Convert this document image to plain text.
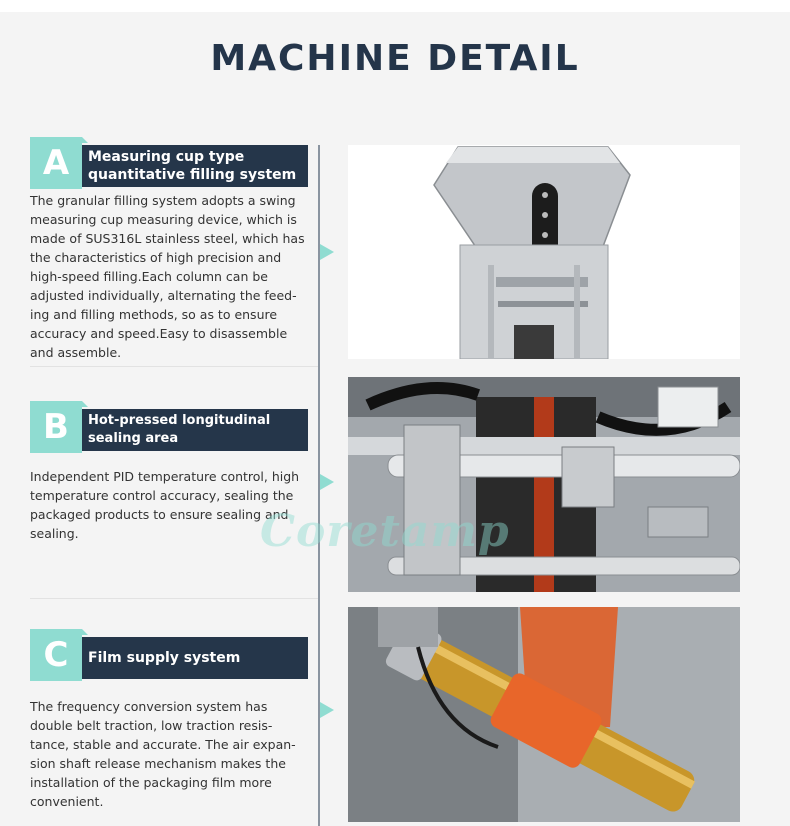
MACHINE DETAIL
A	Measuring cup type quantitative filling system
The granular filling system adopts a swing measuring cup measuring device, which is made of SUS316L stainless steel, which has the characteristics of high precision and high-speed filling.Each column can be adjusted individually, alternating the feed-ing and filling methods, so as to ensure accuracy and speed.Easy to disassemble and assemble.
B	Hot-pressed longitudinal sealing area
Independent PID temperature control, high temperature control accuracy, sealing the packaged products to ensure sealing and sealing.
C	Film supply system
The frequency conversion system has double belt traction, low traction resis-tance, stable and accurate. The air expan-sion shaft release mechanism makes the installation of the packaging film more convenient.
Coretamp
